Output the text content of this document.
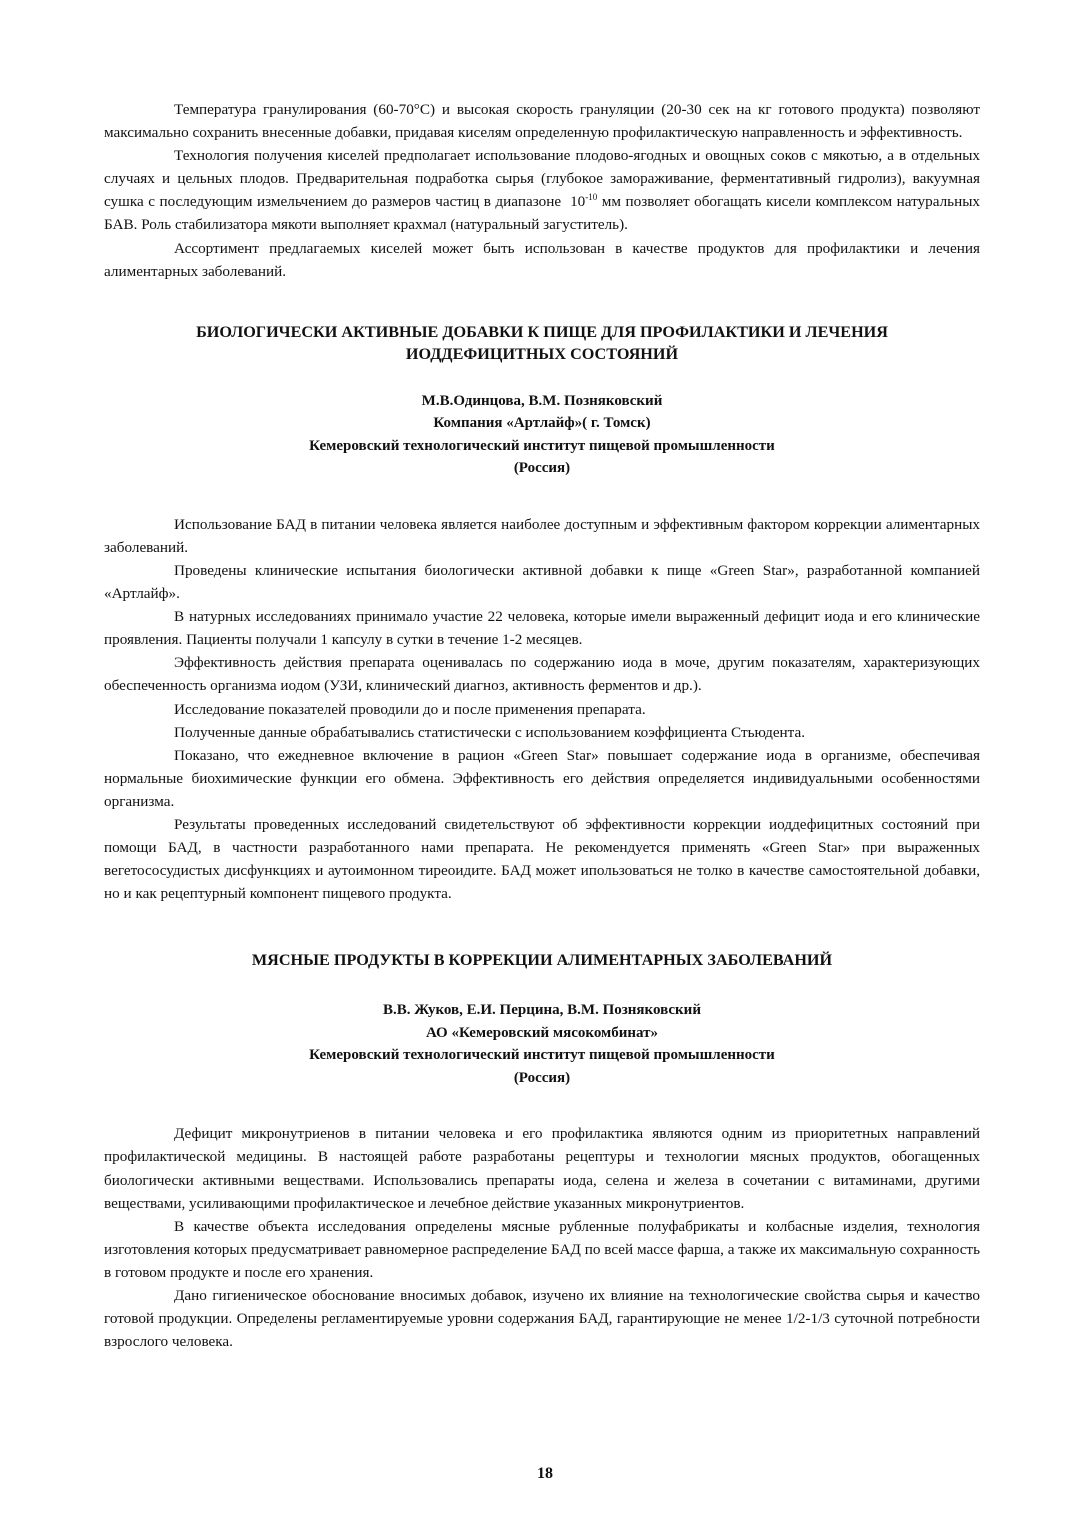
Температура гранулирования (60-70°С) и высокая скорость грануляции (20-30 сек на кг готового продукта) позволяют максимально сохранить внесенные добавки, придавая киселям определенную профилактическую направленность и эффективность.

Технология получения киселей предполагает использование плодово-ягодных и овощных соков с мякотью, а в отдельных случаях и цельных плодов. Предварительная подработка сырья (глубокое замораживание, ферментативный гидролиз), вакуумная сушка с последующим измельчением до размеров частиц в диапазоне $10^{-10}$ мм позволяет обогащать кисели комплексом натуральных БАВ. Роль стабилизатора мякоти выполняет крахмал (натуральный загуститель).

Ассортимент предлагаемых киселей может быть использован в качестве продуктов для профилактики и лечения алиментарных заболеваний.

БИОЛОГИЧЕСКИ АКТИВНЫЕ ДОБАВКИ К ПИЩЕ ДЛЯ ПРОФИЛАКТИКИ И ЛЕЧЕНИЯ
ИОДДЕФИЦИТНЫХ СОСТОЯНИЙ
М.В.Одинцова, В.М. Позняковский
Компания «Артлайф»( г. Томск)
Кемеровский технологический институт пищевой промышленности
(Россия)

Использование БАД в питании человека является наиболее доступным и эффективным фактором коррекции алиментарных заболеваний.

Проведены клинические испытания биологически активной добавки к пище «Green Star», разработанной компанией «Артлайф».

В натурных исследованиях принимало участие 22 человека, которые имели выраженный дефицит иода и его клинические проявления. Пациенты получали 1 капсулу в сутки в течение 1-2 месяцев.

Эффективность действия препарата оценивалась по содержанию иода в моче, другим показателям, характеризующих обеспеченность организма иодом (УЗИ, клинический диагноз, активность ферментов и др.).

Исследование показателей проводили до и после применения препарата.

Полученные данные обрабатывались статистически с использованием коэффициента Стьюдента.

Показано, что ежедневное включение в рацион «Green Star» повышает содержание иода в организме, обеспечивая нормальные биохимические функции его обмена. Эффективность его действия определяется индивидуальными особенностями организма.

Результаты проведенных исследований свидетельствуют об эффективности коррекции иоддефицитных состояний при помощи БАД, в частности разработанного нами препарата. Не рекомендуется применять «Green Star» при выраженных вегетососудистых дисфункциях и аутоимонном тиреоидите. БАД может ипользоваться не толко в качестве самостоятельной добавки, но и как рецептурный компонент пищевого продукта.

МЯСНЫЕ ПРОДУКТЫ В КОРРЕКЦИИ АЛИМЕНТАРНЫХ ЗАБОЛЕВАНИЙ
В.В. Жуков, Е.И. Перцина, В.М. Позняковский
АО «Кемеровский мясокомбинат»
Кемеровский технологический институт пищевой промышленности
(Россия)

Дефицит микронутриенов в питании человека и его профилактика являются одним из приоритетных направлений профилактической медицины. В настоящей работе разработаны рецептуры и технологии мясных продуктов, обогащенных биологически активными веществами. Использовались препараты иода, селена и железа в сочетании с витаминами, другими веществами, усиливающими профилактическое и лечебное действие указанных микронутриентов.

В качестве объекта исследования определены мясные рубленные полуфабрикаты и колбасные изделия, технология изготовления которых предусматривает равномерное распределение БАД по всей массе фарша, а также их максимальную сохранность в готовом продукте и после его хранения.

Дано гигиеническое обоснование вносимых добавок, изучено их влияние на технологические свойства сырья и качество готовой продукции. Определены регламентируемые уровни содержания БАД, гарантирующие не менее 1/2-1/3 суточной потребности взрослого человека.

18
